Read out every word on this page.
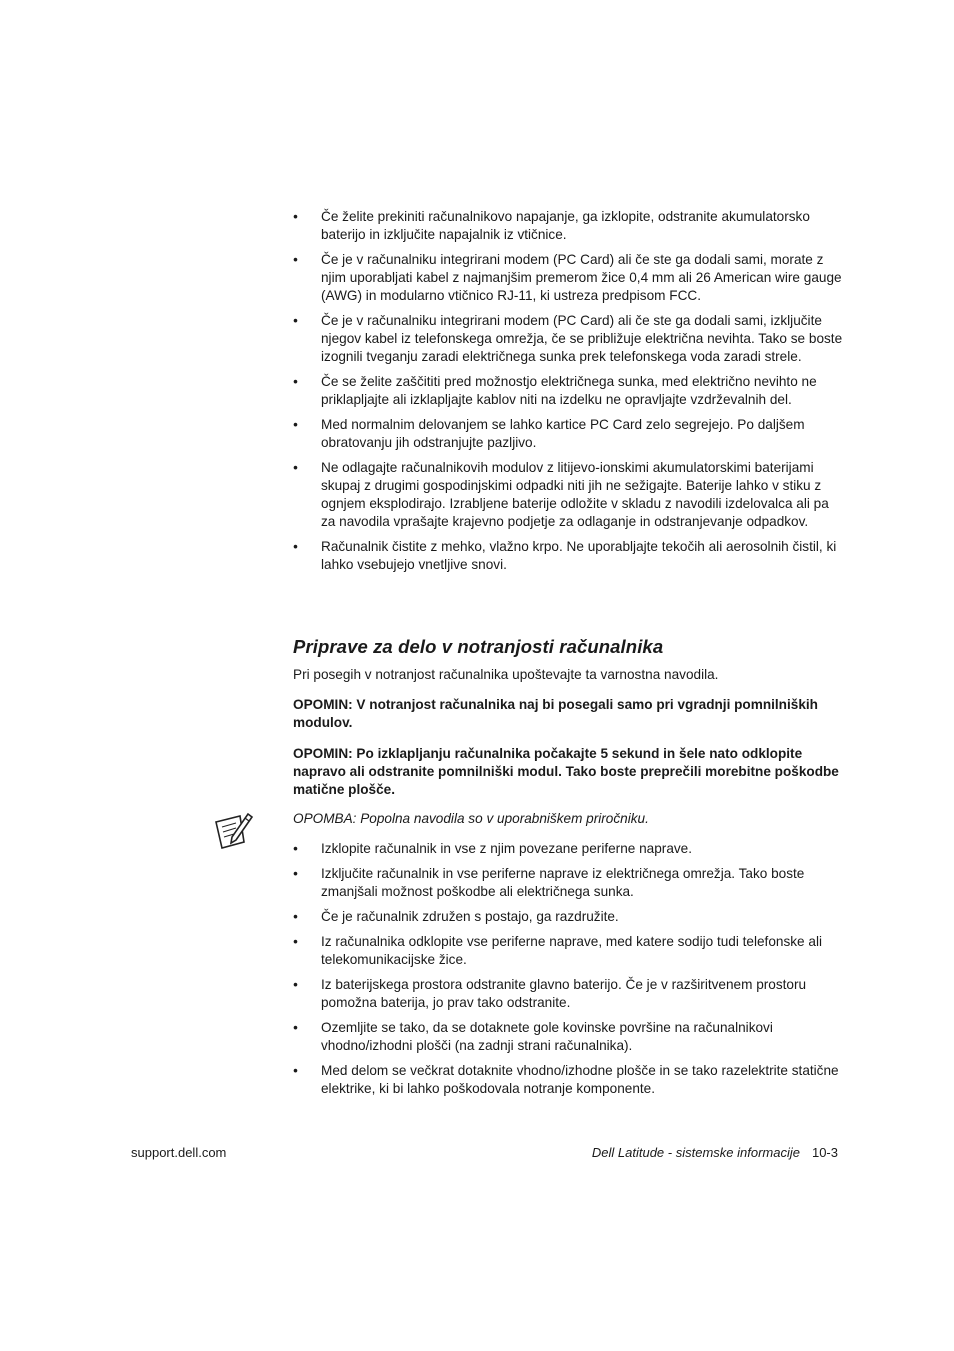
• Če želite prekiniti računalnikovo napajanje, ga izklopite, odstranite akumulatorsko baterijo in izključite napajalnik iz vtičnice.
• Če je v računalniku integrirani modem (PC Card) ali če ste ga dodali sami, morate z njim uporabljati kabel z najmanjšim premerom žice 0,4 mm ali 26 American wire gauge (AWG) in modularno vtičnico RJ-11, ki ustreza predpisom FCC.
• Če je v računalniku integrirani modem (PC Card) ali če ste ga dodali sami, izključite njegov kabel iz telefonskega omrežja, če se približuje električna nevihta. Tako se boste izognili tveganju zaradi električnega sunka prek telefonskega voda zaradi strele.
• Če se želite zaščititi pred možnostjo električnega sunka, med električno nevihto ne priklapljajte ali izklapljajte kablov niti na izdelku ne opravljajte vzdrževalnih del.
• Med normalnim delovanjem se lahko kartice PC Card zelo segrejejo. Po daljšem obratovanju jih odstranjujte pazljivo.
• Ne odlagajte računalnikovih modulov z litijevo-ionskimi akumulatorskimi baterijami skupaj z drugimi gospodinjskimi odpadki niti jih ne sežigajte. Baterije lahko v stiku z ognjem eksplodirajo. Izrabljene baterije odložite v skladu z navodili izdelovalca ali pa za navodila vprašajte krajevno podjetje za odlaganje in odstranjevanje odpadkov.
• Računalnik čistite z mehko, vlažno krpo. Ne uporabljajte tekočih ali aerosolnih čistil, ki lahko vsebujejo vnetljive snovi.
Priprave za delo v notranjosti računalnika

Pri posegih v notranjost računalnika upoštevajte ta varnostna navodila.

OPOMIN: V notranjost računalnika naj bi posegali samo pri vgradnji pomnilniških modulov.

OPOMIN: Po izklapljanju računalnika počakajte 5 sekund in šele nato odklopite napravo ali odstranite pomnilniški modul. Tako boste preprečili morebitne poškodbe matične plošče.

OPOMBA: Popolna navodila so v uporabniškem priročniku.

• Izklopite računalnik in vse z njim povezane periferne naprave.
• Izključite računalnik in vse periferne naprave iz električnega omrežja. Tako boste zmanjšali možnost poškodbe ali električnega sunka.
• Če je računalnik združen s postajo, ga razdružite.
• Iz računalnika odklopite vse periferne naprave, med katere sodijo tudi telefonske ali telekomunikacijske žice.
• Iz baterijskega prostora odstranite glavno baterijo. Če je v razširitvenem prostoru pomožna baterija, jo prav tako odstranite.
• Ozemljite se tako, da se dotaknete gole kovinske površine na računalnikovi vhodno/izhodni plošči (na zadnji strani računalnika).
• Med delom se večkrat dotaknite vhodno/izhodne plošče in se tako razelektrite statične elektrike, ki bi lahko poškodovala notranje komponente.
support.dell.com	Dell Latitude - sistemske informacije 10-3
